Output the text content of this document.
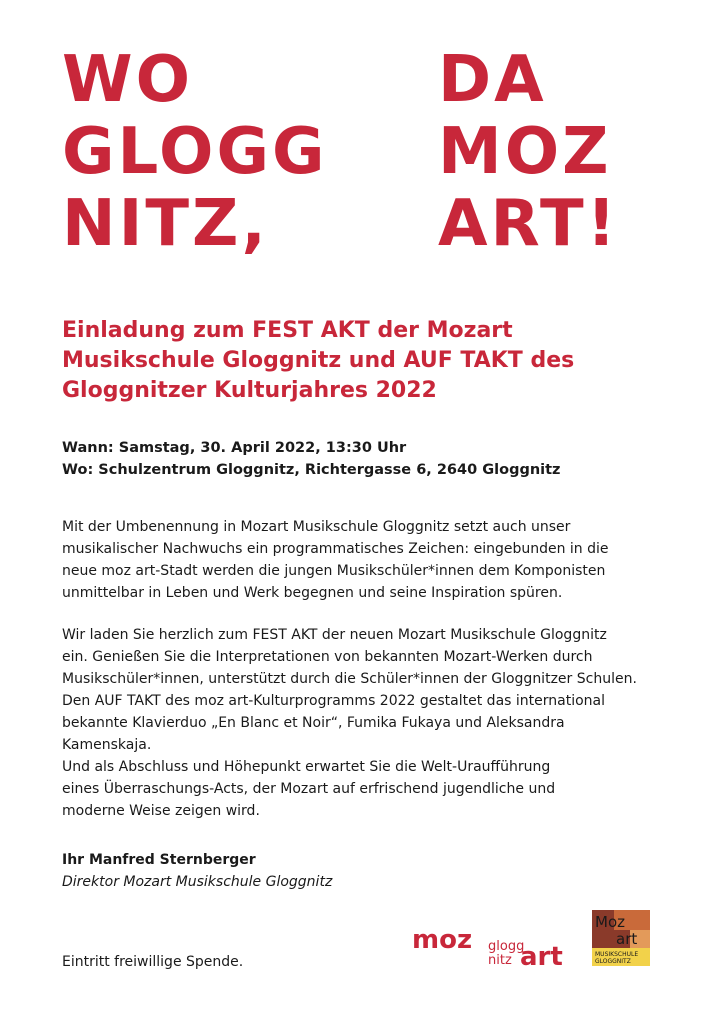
WO
GLOGG
NITZ,
DA
MOZ
ART!
Einladung zum FEST AKT der Mozart
Musikschule Gloggnitz und AUF TAKT des
Gloggnitzer Kulturjahres 2022
Wann: Samstag, 30. April 2022, 13:30 Uhr
Wo: Schulzentrum Gloggnitz, Richtergasse 6, 2640 Gloggnitz
Mit der Umbenennung in Mozart Musikschule Gloggnitz setzt auch unser
musikalischer Nachwuchs ein programmatisches Zeichen: eingebunden in die
neue moz art-Stadt werden die jungen Musikschüler*innen dem Komponisten
unmittelbar in Leben und Werk begegnen und seine Inspiration spüren.
Wir laden Sie herzlich zum FEST AKT der neuen Mozart Musikschule Gloggnitz
ein. Genießen Sie die Interpretationen von bekannten Mozart-Werken durch
Musikschüler*innen, unterstützt durch die Schüler*innen der Gloggnitzer Schulen.
Den AUF TAKT des moz art-Kulturprogramms 2022 gestaltet das international
bekannte Klavierduo „En Blanc et Noir“, Fumika Fukaya und Aleksandra
Kamenskaja.
Und als Abschluss und Höhepunkt erwartet Sie die Welt-Uraufführung
eines Überraschungs-Acts, der Mozart auf erfrischend jugendliche und
moderne Weise zeigen wird.
Ihr Manfred Sternberger
Direktor Mozart Musikschule Gloggnitz
Eintritt freiwillige Spende.
moz glogg
nitz art
Moz
art
MUSIKSCHULE
GLOGGNITZ
